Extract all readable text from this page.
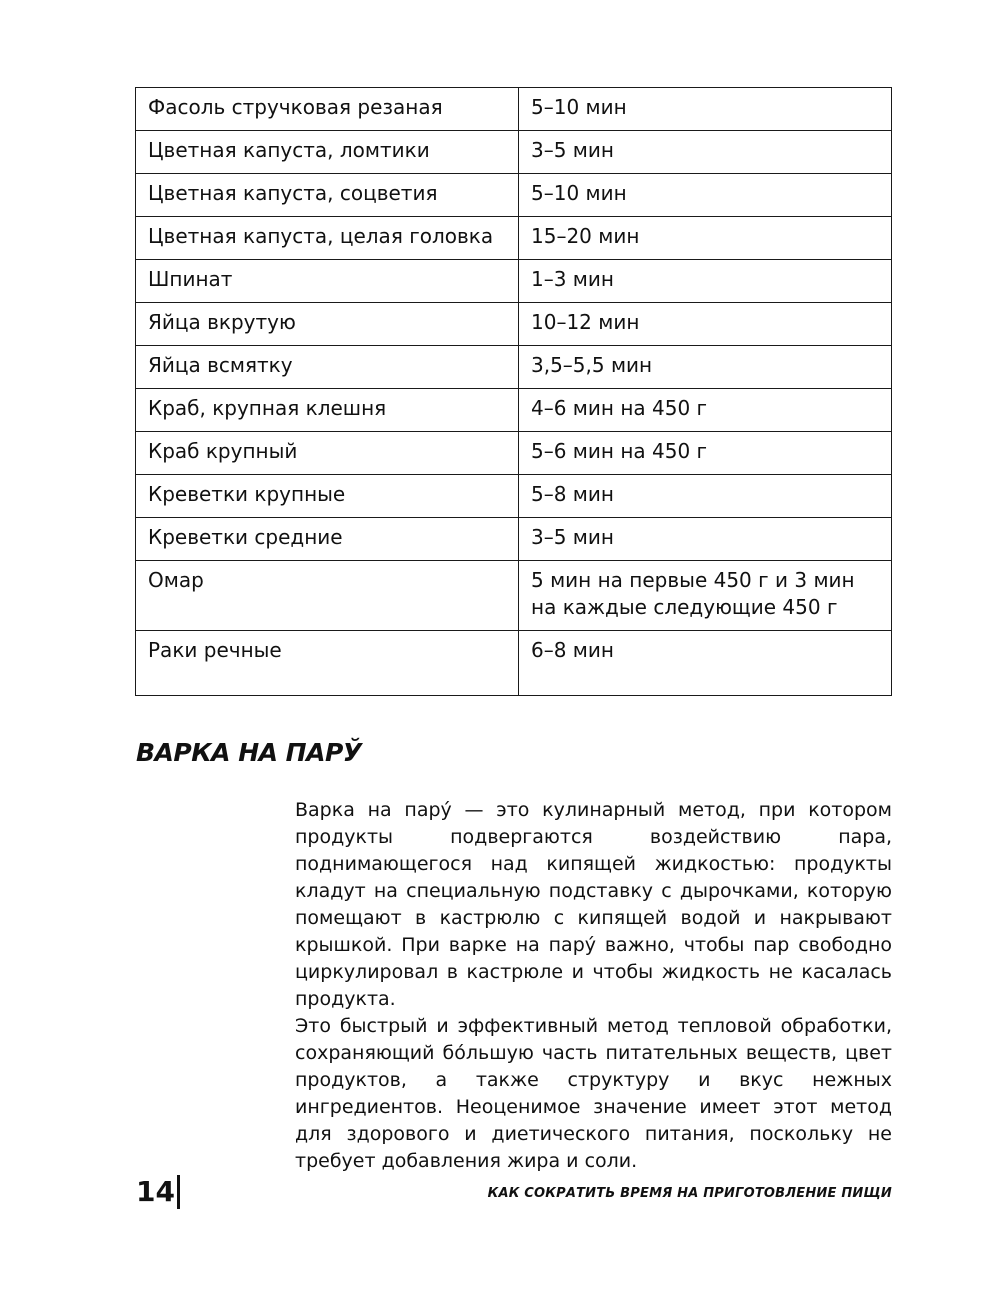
Фасоль стручковая резаная	5–10 мин
Цветная капуста, ломтики	3–5 мин
Цветная капуста, соцветия	5–10 мин
Цветная капуста, целая головка	15–20 мин
Шпинат	1–3 мин
Яйца вкрутую	10–12 мин
Яйца всмятку	3,5–5,5 мин
Краб, крупная клешня	4–6 мин на 450 г
Краб крупный	5–6 мин на 450 г
Креветки крупные	5–8 мин
Креветки средние	3–5 мин
Омар	5 мин на первые 450 г и 3 мин
на каждые следующие 450 г

Раки речные	6–8 мин
ВАРКА НА ПАРЎ

Варка на парý — это кулинарный метод, при котором продукты подвергаются воздействию пара, поднимающегося над кипящей жидкостью: продукты кладут на специальную подставку с дырочками, которую помещают в кастрюлю с кипящей водой и накрывают крышкой. При варке на парý важно, чтобы пар свободно циркулировал в кастрюле и чтобы жидкость не касалась продукта.

Это быстрый и эффективный метод тепловой обработки, сохраняющий бóльшую часть питательных веществ, цвет продуктов, а также структуру и вкус нежных ингредиентов. Неоценимое значение имеет этот метод для здорового и диетического питания, поскольку не требует добавления жира и соли.

14	КАК СОКРАТИТЬ ВРЕМЯ НА ПРИГОТОВЛЕНИЕ ПИЩИ
